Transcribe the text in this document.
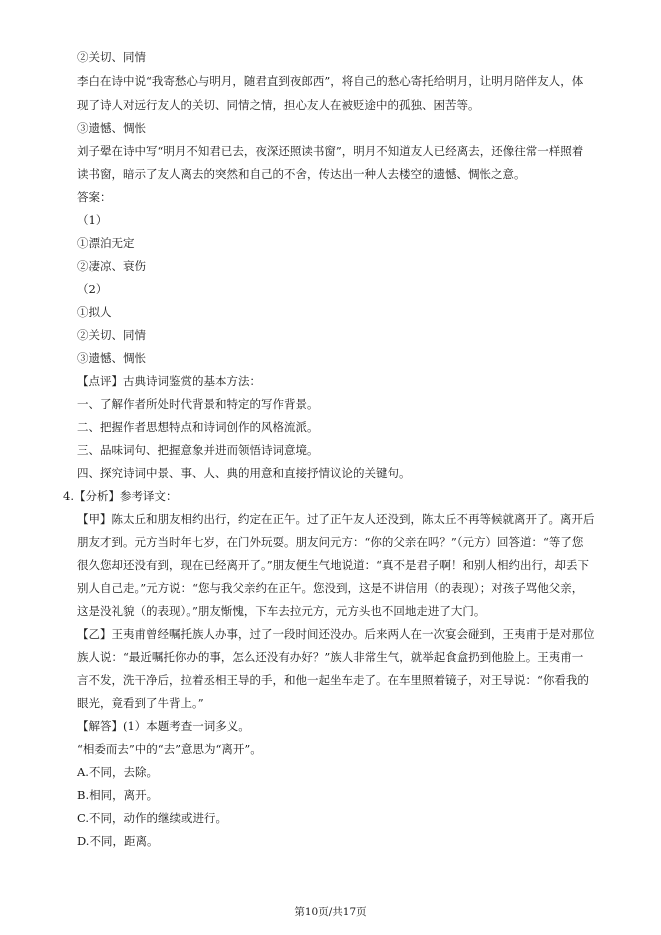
②关切、同情
李白在诗中说“我寄愁心与明月，随君直到夜郎西”，将自己的愁心寄托给明月，让明月陪伴友人，体
现了诗人对远行友人的关切、同情之情，担心友人在被贬途中的孤独、困苦等。
③遗憾、惆怅
刘子翚在诗中写“明月不知君已去，夜深还照读书窗”，明月不知道友人已经离去，还像往常一样照着
读书窗，暗示了友人离去的突然和自己的不舍，传达出一种人去楼空的遗憾、惆怅之意。
答案：
（1）
①漂泊无定
②凄凉、衰伤
（2）
①拟人
②关切、同情
③遗憾、惆怅
【点评】古典诗词鉴赏的基本方法：
一、了解作者所处时代背景和特定的写作背景。
二、把握作者思想特点和诗词创作的风格流派。
三、品味词句、把握意象并进而领悟诗词意境。
四、探究诗词中景、事、人、典的用意和直接抒情议论的关键句。
4.【分析】参考译文：
【甲】陈太丘和朋友相约出行，约定在正午。过了正午友人还没到，陈太丘不再等候就离开了。离开后
朋友才到。元方当时年七岁，在门外玩耍。朋友问元方：“你的父亲在吗？”（元方）回答道：“等了您
很久您却还没有到，现在已经离开了。”朋友便生气地说道：“真不是君子啊！和别人相约出行，却丢下
别人自己走。”元方说：“您与我父亲约在正午。您没到，这是不讲信用（的表现）；对孩子骂他父亲，
这是没礼貌（的表现）。”朋友惭愧，下车去拉元方，元方头也不回地走进了大门。
【乙】王夷甫曾经嘱托族人办事，过了一段时间还没办。后来两人在一次宴会碰到，王夷甫于是对那位
族人说：“最近嘱托你办的事，怎么还没有办好？”族人非常生气，就举起食盒扔到他脸上。王夷甫一
言不发，洗干净后，拉着丞相王导的手，和他一起坐车走了。在车里照着镜子，对王导说：“你看我的
眼光，竟看到了牛背上。”
【解答】(1）本题考查一词多义。
“相委而去”中的“去”意思为“离开”。
A.不同，去除。
B.相同，离开。
C.不同，动作的继续或进行。
D.不同，距离。
第10页/共17页
